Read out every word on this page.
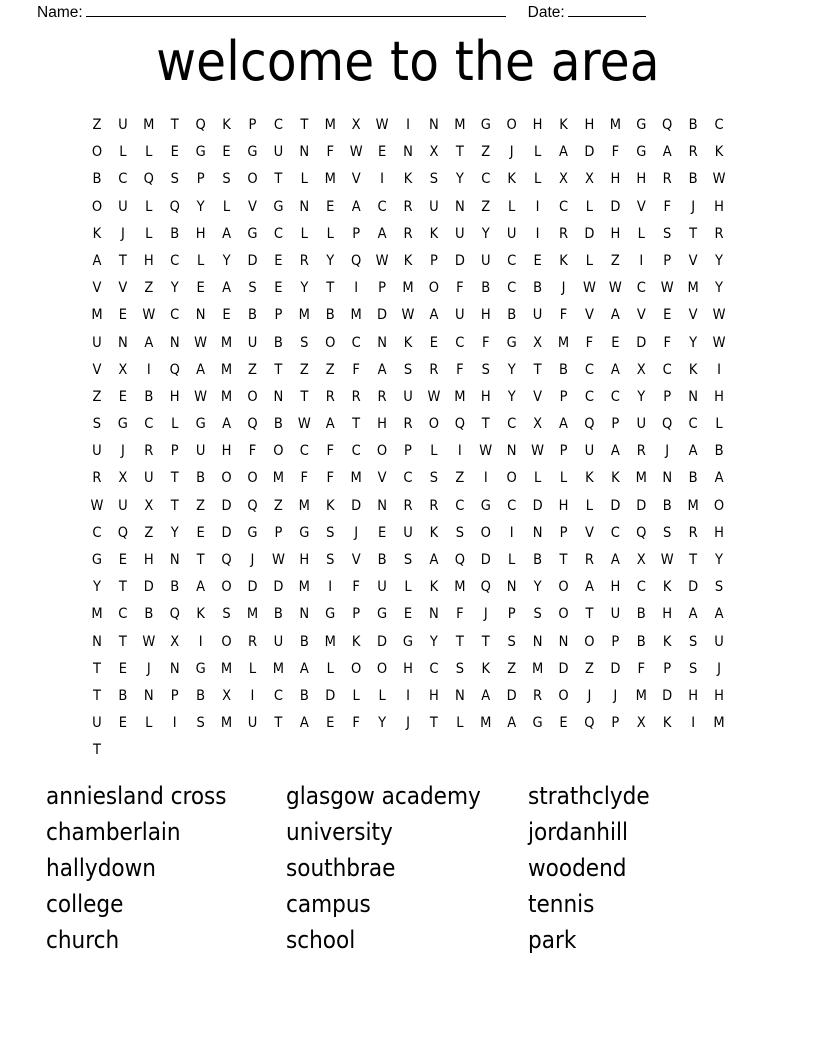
Name:	Date:
welcome to the area
Z	U	M	T	Q	K	P	C	T	M	X	W	I	N	M	G	O	H	K	H	M	G	Q	B	C
O	L	L	E	G	E	G	U	N	F	W	E	N	X	T	Z	J	L	A	D	F	G	A	R	K
B	C	Q	S	P	S	O	T	L	M	V	I	K	S	Y	C	K	L	X	X	H	H	R	B	W
O	U	L	Q	Y	L	V	G	N	E	A	C	R	U	N	Z	L	I	C	L	D	V	F	J	H
K	J	L	B	H	A	G	C	L	L	P	A	R	K	U	Y	U	I	R	D	H	L	S	T	R
A	T	H	C	L	Y	D	E	R	Y	Q W	K	P	D	U	C	E	K	L	Z	I	P	V	Y
V	V	Z	Y	E	A	S	E	Y	T	I	P	M	O	F	B	C	B	J	W W	C	W M	Y
M	E	W	C	N	E	B	P	M	B	M	D W	A	U	H	B	U	F	V	A	V	E	V	W
U	N	A	N	W M	U	B	S	O	C	N	K	E	C	F	G	X	M	F	E	D	F	Y	W
V	X	I	Q	A	M	Z	T	Z	Z	F	A	S	R	F	S	Y	T	B	C	A	X	C	K	I
Z	E	B	H	W M	O	N	T	R	R	R	U	W M	H	Y	V	P	C	C	Y	P	N	H
S	G	C	L	G	A	Q	B	W	A	T	H	R	O	Q	T	C	X	A	Q	P	U	Q	C	L
U	J	R	P	U	H	F	O	C	F	C	O	P	L	I	W	N	W	P	U	A	R	J	A	B
R	X	U	T	B	O	O	M	F	F	M	V	C	S	Z	I	O	L	L	K	K	M	N	B	A
W	U	X	T	Z	D	Q	Z	M	K	D	N	R	R	C	G	C	D	H	L	D	D	B	M	O
C	Q	Z	Y	E	D	G	P	G	S	J	E	U	K	S	O	I	N	P	V	C	Q	S	R	H
G	E	H	N	T	Q	J	W	H	S	V	B	S	A	Q	D	L	B	T	R	A	X	W	T	Y
Y	T	D	B	A	O	D	D	M	I	F	U	L	K	M	Q	N	Y	O	A	H	C	K	D	S
M	C	B	Q	K	S	M	B	N	G	P	G	E	N	F	J	P	S	O	T	U	B	H	A	A
N	T	W	X	I	O	R	U	B	M	K	D	G	Y	T	T	S	N	N	O	P	B	K	S	U
T	E	J	N	G	M	L	M	A	L	O	O	H	C	S	K	Z	M	D	Z	D	F	P	S	J
T	B	N	P	B	X	I	C	B	D	L	L	I	H	N	A	D	R	O	J	J	M	D	H	H
U	E	L	I	S	M	U	T	A	E	F	Y	J	T	L	M	A	G	E	Q	P	X	K	I	M
T
anniesland cross	glasgow academy	strathclyde
chamberlain	university	jordanhill
hallydown	southbrae	woodend
college	campus	tennis
church	school	park
